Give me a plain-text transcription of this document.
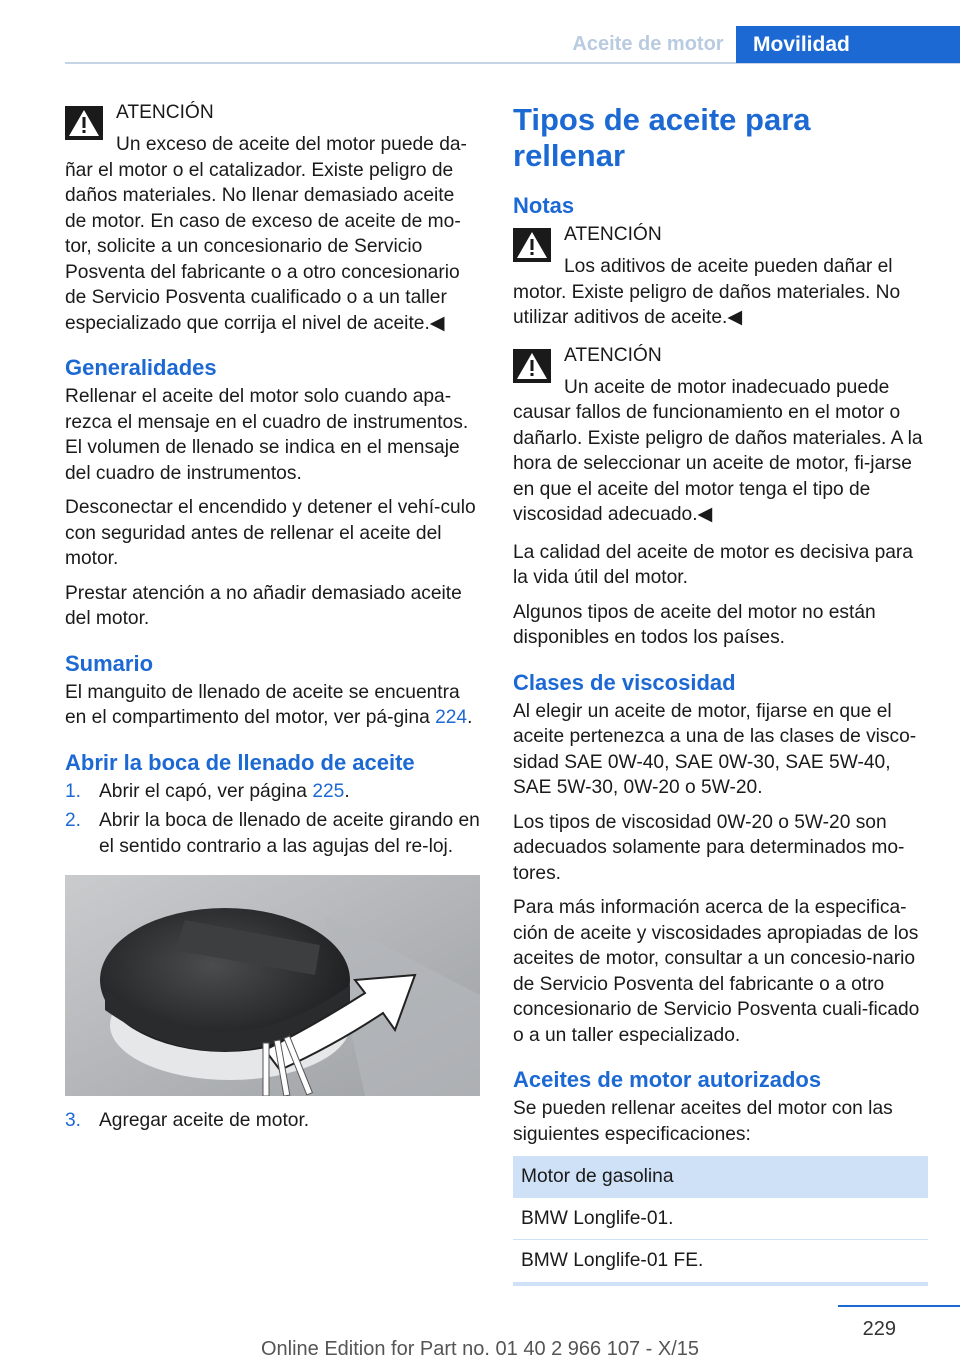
Aceite de motor	Movilidad
ATENCIÓN

Un exceso de aceite del motor puede da‐ñar el motor o el catalizador. Existe peligro de daños materiales. No llenar demasiado aceite de motor. En caso de exceso de aceite de mo‐tor, solicite a un concesionario de Servicio Posventa del fabricante o a otro concesionario de Servicio Posventa cualificado o a un taller especializado que corrija el nivel de aceite.◀

Generalidades

Rellenar el aceite del motor solo cuando apa‐rezca el mensaje en el cuadro de instrumentos. El volumen de llenado se indica en el mensaje del cuadro de instrumentos.

Desconectar el encendido y detener el vehí‐culo con seguridad antes de rellenar el aceite del motor.

Prestar atención a no añadir demasiado aceite del motor.

Sumario

El manguito de llenado de aceite se encuentra en el compartimento del motor, ver pá‐gina 224.

Abrir la boca de llenado de aceite
1. Abrir el capó, ver página 225.
2. Abrir la boca de llenado de aceite girando en el sentido contrario a las agujas del re‐loj.
3. Agregar aceite de motor.
Tipos de aceite para rellenar
Notas
ATENCIÓN

Los aditivos de aceite pueden dañar el motor. Existe peligro de daños materiales. No utilizar aditivos de aceite.◀

ATENCIÓN

Un aceite de motor inadecuado puede causar fallos de funcionamiento en el motor o dañarlo. Existe peligro de daños materiales. A la hora de seleccionar un aceite de motor, fi‐jarse en que el aceite del motor tenga el tipo de viscosidad adecuado.◀

La calidad del aceite de motor es decisiva para la vida útil del motor.

Algunos tipos de aceite del motor no están disponibles en todos los países.

Clases de viscosidad

Al elegir un aceite de motor, fijarse en que el aceite pertenezca a una de las clases de visco‐sidad SAE 0W-40, SAE 0W-30, SAE 5W-40, SAE 5W-30, 0W-20 o 5W-20.

Los tipos de viscosidad 0W-20 o 5W-20 son adecuados solamente para determinados mo‐tores.

Para más información acerca de la especifica‐ción de aceite y viscosidades apropiadas de los aceites de motor, consultar a un concesio‐nario de Servicio Posventa del fabricante o a otro concesionario de Servicio Posventa cuali‐ficado o a un taller especializado.

Aceites de motor autorizados

Se pueden rellenar aceites del motor con las siguientes especificaciones:

Motor de gasolina
BMW Longlife-01.
BMW Longlife-01 FE.
229
Online Edition for Part no. 01 40 2 966 107 - X/15
